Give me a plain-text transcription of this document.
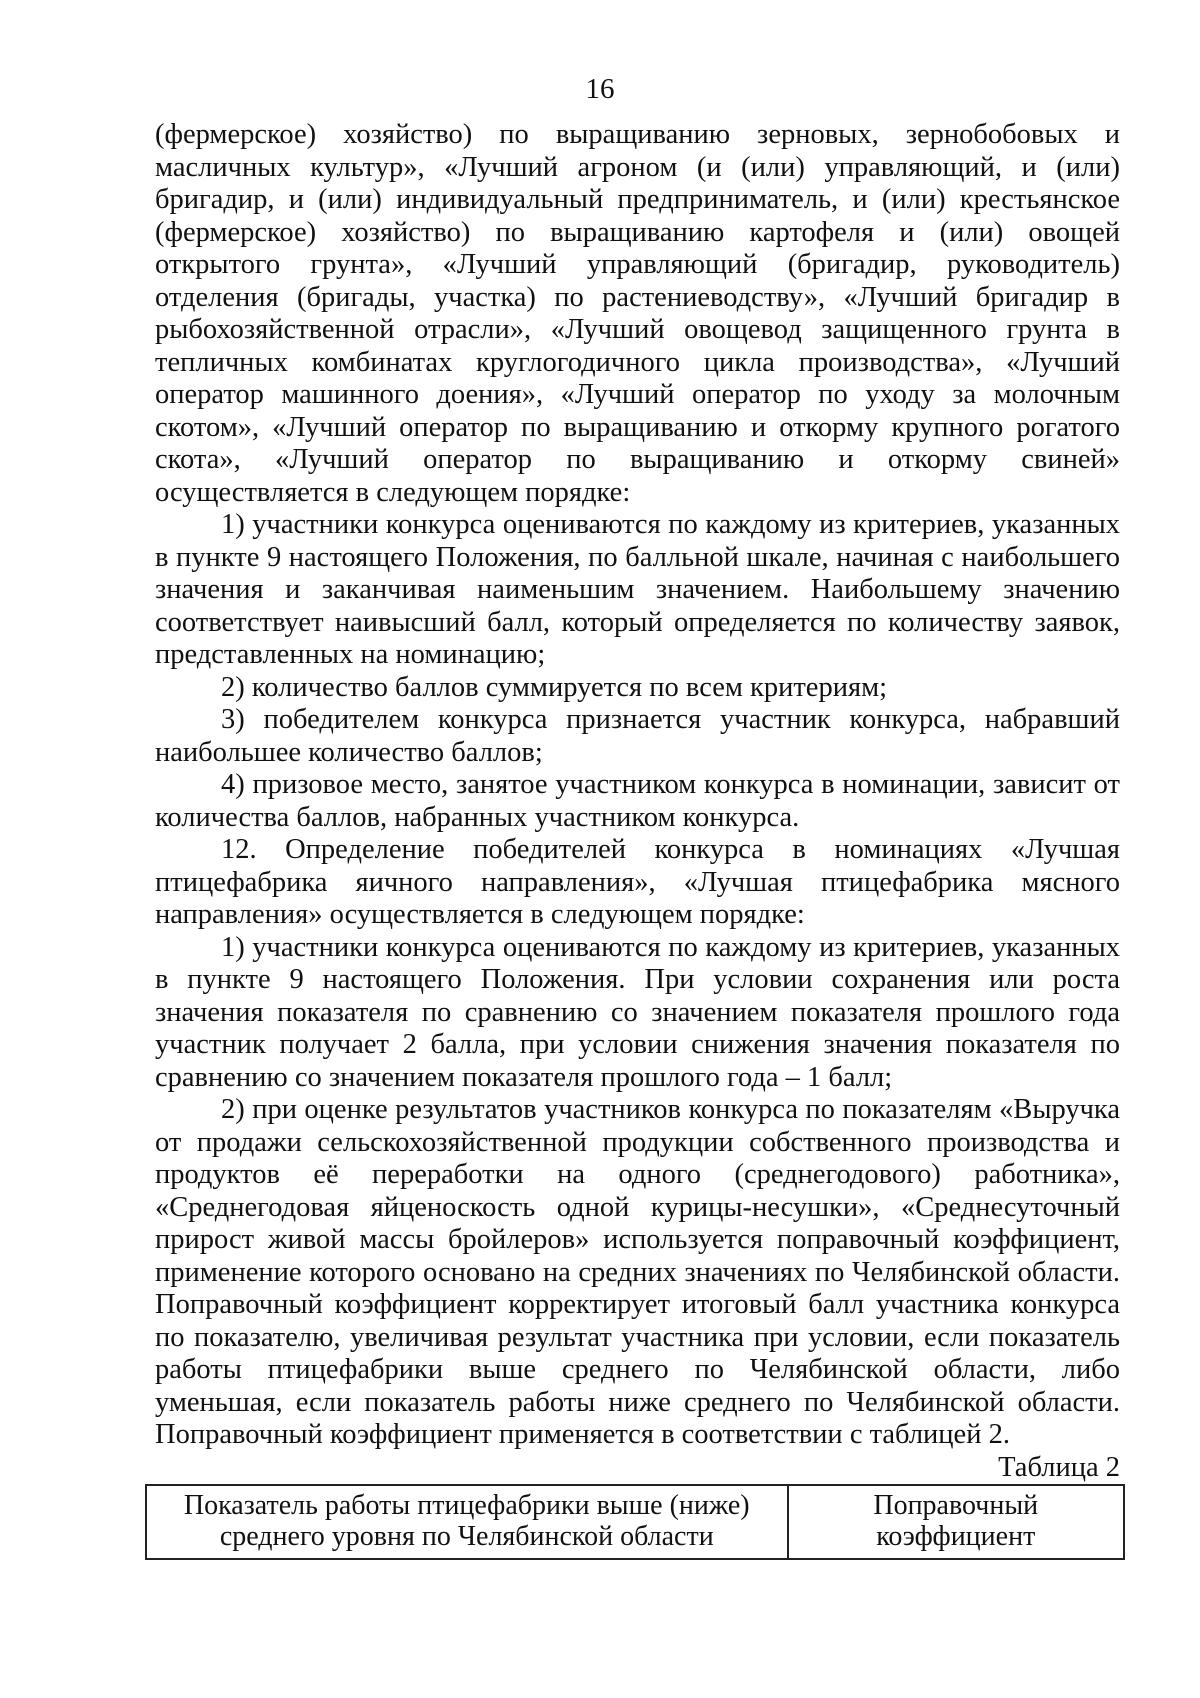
16

(фермерское) хозяйство) по выращиванию зерновых, зернобобовых и масличных культур», «Лучший агроном (и (или) управляющий, и (или) бригадир, и (или) индивидуальный предприниматель, и (или) крестьянское (фермерское) хозяйство) по выращиванию картофеля и (или) овощей открытого грунта», «Лучший управляющий (бригадир, руководитель) отделения (бригады, участка) по растениеводству», «Лучший бригадир в рыбохозяйственной отрасли», «Лучший овощевод защищенного грунта в тепличных комбинатах круглогодичного цикла производства», «Лучший оператор машинного доения», «Лучший оператор по уходу за молочным скотом», «Лучший оператор по выращиванию и откорму крупного рогатого скота», «Лучший оператор по выращиванию и откорму свиней» осуществляется в следующем порядке:

1) участники конкурса оцениваются по каждому из критериев, указанных в пункте 9 настоящего Положения, по балльной шкале, начиная с наибольшего значения и заканчивая наименьшим значением. Наибольшему значению соответствует наивысший балл, который определяется по количеству заявок, представленных на номинацию;

2) количество баллов суммируется по всем критериям;

3) победителем конкурса признается участник конкурса, набравший наибольшее количество баллов;

4) призовое место, занятое участником конкурса в номинации, зависит от количества баллов, набранных участником конкурса.

12. Определение победителей конкурса в номинациях «Лучшая птицефабрика яичного направления», «Лучшая птицефабрика мясного направления» осуществляется в следующем порядке:

1) участники конкурса оцениваются по каждому из критериев, указанных в пункте 9 настоящего Положения. При условии сохранения или роста значения показателя по сравнению со значением показателя прошлого года участник получает 2 балла, при условии снижения значения показателя по сравнению со значением показателя прошлого года – 1 балл;

2) при оценке результатов участников конкурса по показателям «Выручка от продажи сельскохозяйственной продукции собственного производства и продуктов её переработки на одного (среднегодового) работника», «Среднегодовая яйценоскость одной курицы-несушки», «Среднесуточный прирост живой массы бройлеров» используется поправочный коэффициент, применение которого основано на средних значениях по Челябинской области. Поправочный коэффициент корректирует итоговый балл участника конкурса по показателю, увеличивая результат участника при условии, если показатель работы птицефабрики выше среднего по Челябинской области, либо уменьшая, если показатель работы ниже среднего по Челябинской области. Поправочный коэффициент применяется в соответствии с таблицей 2.

Таблица 2
Показатель работы птицефабрики выше (ниже) среднего уровня по Челябинской области	Поправочный коэффициент
